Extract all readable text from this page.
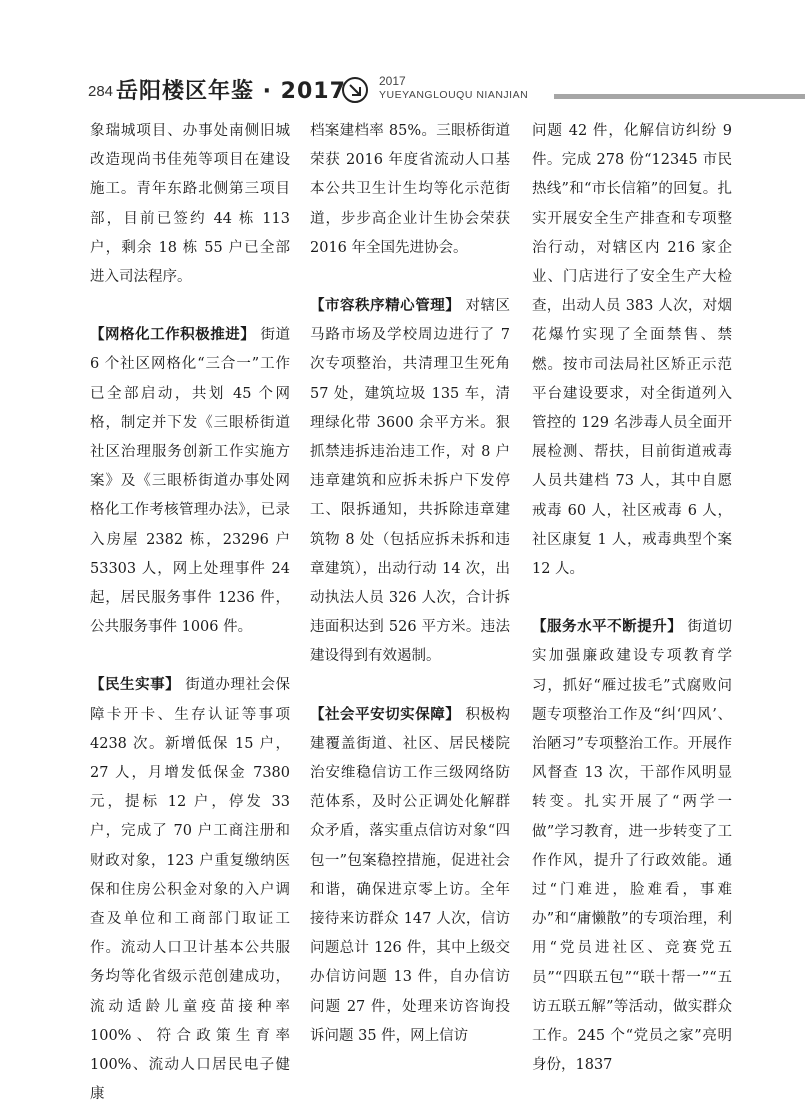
284 岳阳楼区年鉴 · 2017	2017
YUEYANGLOUQU NIANJIAN

象瑞城项目、办事处南侧旧城改造现尚书佳苑等项目在建设施工。青年东路北侧第三项目部，目前已签约 44 栋 113 户，剩余 18 栋 55 户已全部进入司法程序。

【网格化工作积极推进】 街道 6 个社区网格化“三合一”工作已全部启动，共划 45 个网格，制定并下发《三眼桥街道社区治理服务创新工作实施方案》及《三眼桥街道办事处网格化工作考核管理办法》，已录入房屋 2382 栋，23296 户 53303 人，网上处理事件 24 起，居民服务事件 1236 件，公共服务事件 1006 件。

【民生实事】 街道办理社会保障卡开卡、生存认证等事项 4238 次。新增低保 15 户，27 人，月增发低保金 7380 元，提标 12 户，停发 33 户，完成了 70 户工商注册和财政对象，123 户重复缴纳医保和住房公积金对象的入户调查及单位和工商部门取证工作。流动人口卫计基本公共服务均等化省级示范创建成功，流动适龄儿童疫苗接种率 100%、符合政策生育率 100%、流动人口居民电子健康

档案建档率 85%。三眼桥街道荣获 2016 年度省流动人口基本公共卫生计生均等化示范街道，步步高企业计生协会荣获 2016 年全国先进协会。

【市容秩序精心管理】 对辖区马路市场及学校周边进行了 7 次专项整治，共清理卫生死角 57 处，建筑垃圾 135 车，清理绿化带 3600 余平方米。狠抓禁违拆违治违工作，对 8 户违章建筑和应拆未拆户下发停工、限拆通知，共拆除违章建筑物 8 处（包括应拆未拆和违章建筑），出动行动 14 次，出动执法人员 326 人次，合计拆违面积达到 526 平方米。违法建设得到有效遏制。

【社会平安切实保障】 积极构建覆盖街道、社区、居民楼院治安维稳信访工作三级网络防范体系，及时公正调处化解群众矛盾，落实重点信访对象“四包一”包案稳控措施，促进社会和谐，确保进京零上访。全年接待来访群众 147 人次，信访问题总计 126 件，其中上级交办信访问题 13 件，自办信访问题 27 件，处理来访咨询投诉问题 35 件，网上信访

问题 42 件，化解信访纠纷 9 件。完成 278 份“12345 市民热线”和“市长信箱”的回复。扎实开展安全生产排查和专项整治行动，对辖区内 216 家企业、门店进行了安全生产大检查，出动人员 383 人次，对烟花爆竹实现了全面禁售、禁燃。按市司法局社区矫正示范平台建设要求，对全街道列入管控的 129 名涉毒人员全面开展检测、帮扶，目前街道戒毒人员共建档 73 人，其中自愿戒毒 60 人，社区戒毒 6 人，社区康复 1 人，戒毒典型个案 12 人。

【服务水平不断提升】 街道切实加强廉政建设专项教育学习，抓好“雁过拔毛”式腐败问题专项整治工作及“纠‘四风’、治陋习”专项整治工作。开展作风督查 13 次，干部作风明显转变。扎实开展了“两学一做”学习教育，进一步转变了工作作风，提升了行政效能。通过“门难进，脸难看，事难办”和“庸懒散”的专项治理，利用“党员进社区、竞赛党五员”“四联五包”“联十帮一”“五访五联五解”等活动，做实群众工作。245 个“党员之家”亮明身份，1837
